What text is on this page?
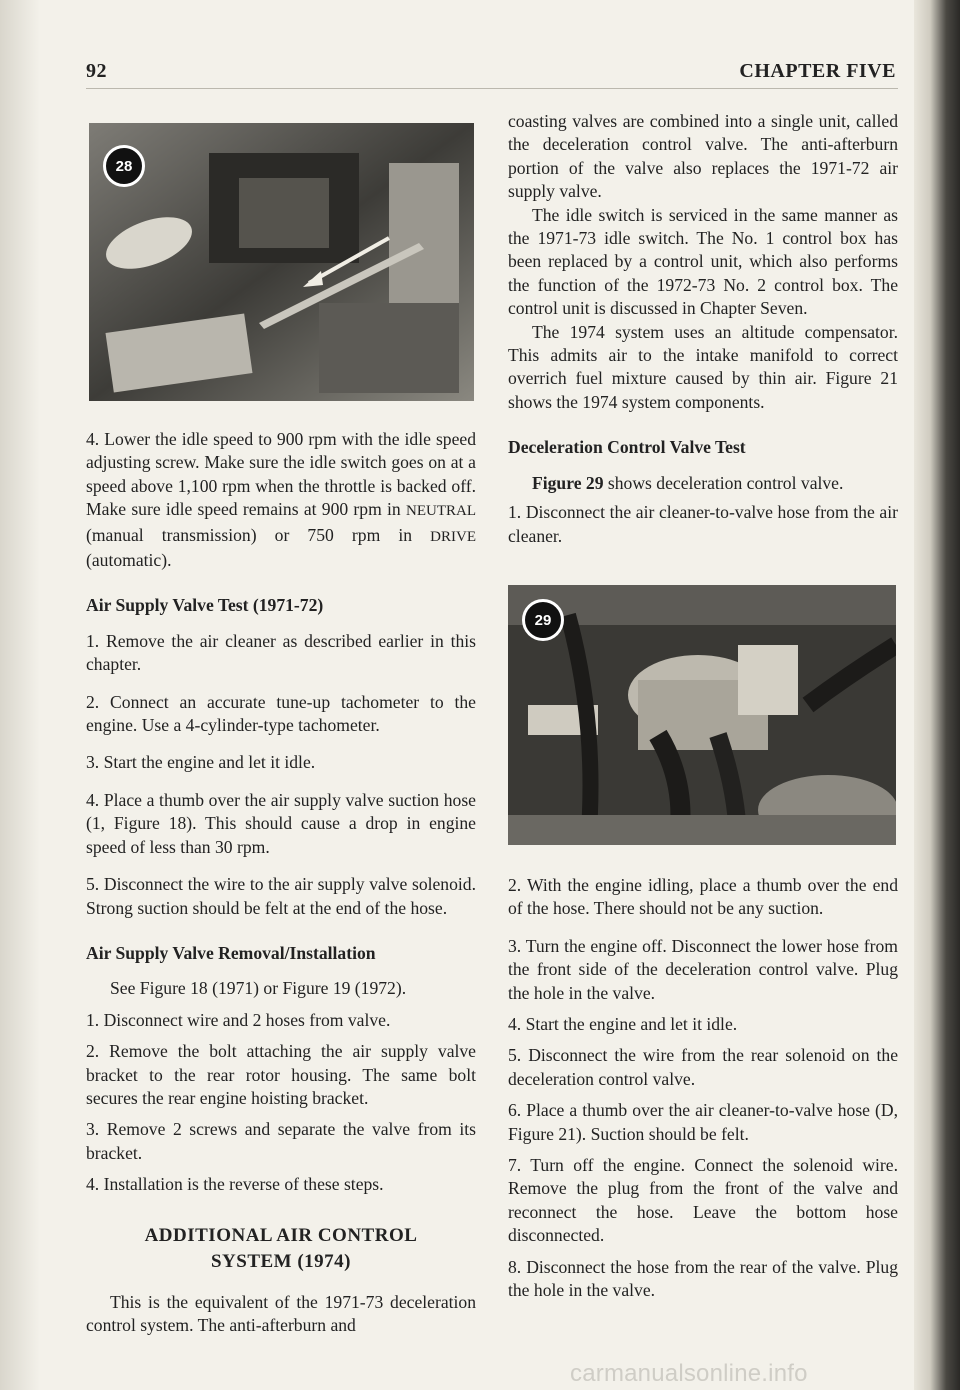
92	CHAPTER FIVE
28

4. Lower the idle speed to 900 rpm with the idle speed adjusting screw. Make sure the idle switch goes on at a speed above 1,100 rpm when the throttle is backed off. Make sure idle speed remains at 900 rpm in NEUTRAL (manual transmission) or 750 rpm in DRIVE (automatic).

Air Supply Valve Test (1971-72)

1. Remove the air cleaner as described earlier in this chapter.

2. Connect an accurate tune-up tachometer to the engine. Use a 4-cylinder-type tachometer.

3. Start the engine and let it idle.

4. Place a thumb over the air supply valve suction hose (1, Figure 18). This should cause a drop in engine speed of less than 30 rpm.

5. Disconnect the wire to the air supply valve solenoid. Strong suction should be felt at the end of the hose.

Air Supply Valve Removal/Installation

See Figure 18 (1971) or Figure 19 (1972).

1. Disconnect wire and 2 hoses from valve.

2. Remove the bolt attaching the air supply valve bracket to the rear rotor housing. The same bolt secures the rear engine hoisting bracket.

3. Remove 2 screws and separate the valve from its bracket.

4. Installation is the reverse of these steps.

ADDITIONAL AIR CONTROL
SYSTEM (1974)

This is the equivalent of the 1971-73 deceleration control system. The anti-afterburn and

coasting valves are combined into a single unit, called the deceleration control valve. The anti-afterburn portion of the valve also replaces the 1971-72 air supply valve.

The idle switch is serviced in the same manner as the 1971-73 idle switch. The No. 1 control box has been replaced by a control unit, which also performs the function of the 1972-73 No. 2 control box. The control unit is discussed in Chapter Seven.

The 1974 system uses an altitude compensator. This admits air to the intake manifold to correct overrich fuel mixture caused by thin air. Figure 21 shows the 1974 system components.

Deceleration Control Valve Test

Figure 29 shows deceleration control valve.

1. Disconnect the air cleaner-to-valve hose from the air cleaner.

29

2. With the engine idling, place a thumb over the end of the hose. There should not be any suction.

3. Turn the engine off. Disconnect the lower hose from the front side of the deceleration control valve. Plug the hole in the valve.

4. Start the engine and let it idle.

5. Disconnect the wire from the rear solenoid on the deceleration control valve.

6. Place a thumb over the air cleaner-to-valve hose (D, Figure 21). Suction should be felt.

7. Turn off the engine. Connect the solenoid wire. Remove the plug from the front of the valve and reconnect the hose. Leave the bottom hose disconnected.

8. Disconnect the hose from the rear of the valve. Plug the hole in the valve.

carmanualsonline.info
